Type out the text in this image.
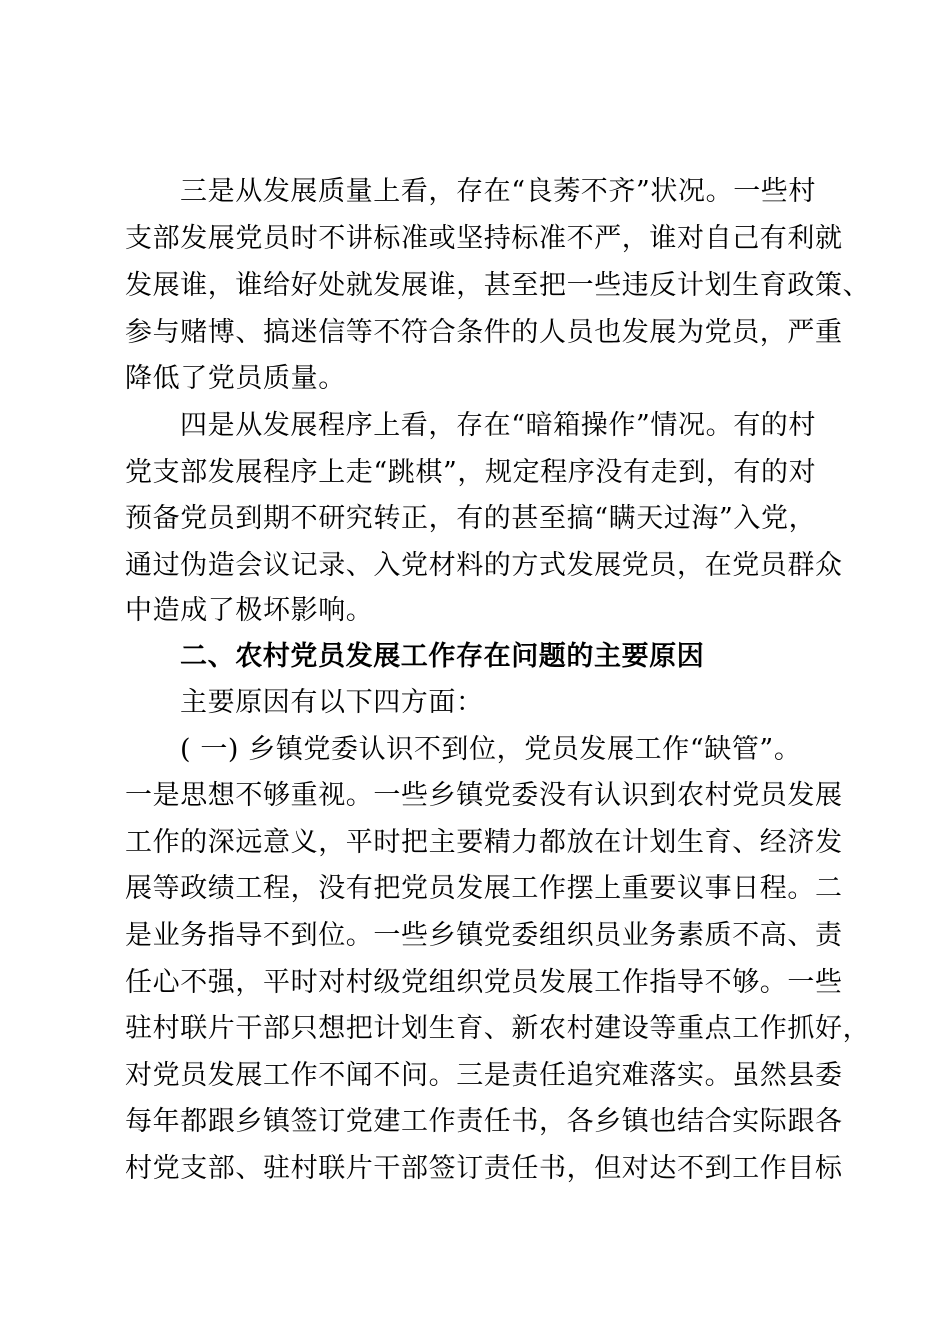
三是从发展质量上看，存在“良莠不齐”状况。一些村
支部发展党员时不讲标准或坚持标准不严，谁对自己有利就
发展谁，谁给好处就发展谁，甚至把一些违反计划生育政策、
参与赌博、搞迷信等不符合条件的人员也发展为党员，严重
降低了党员质量。
四是从发展程序上看，存在“暗箱操作”情况。有的村
党支部发展程序上走“跳棋”，规定程序没有走到，有的对
预备党员到期不研究转正，有的甚至搞“瞒天过海”入党，
通过伪造会议记录、入党材料的方式发展党员，在党员群众
中造成了极坏影响。
二、农村党员发展工作存在问题的主要原因
主要原因有以下四方面：
( 一) 乡镇党委认识不到位，党员发展工作“缺管”。
一是思想不够重视。一些乡镇党委没有认识到农村党员发展
工作的深远意义，平时把主要精力都放在计划生育、经济发
展等政绩工程，没有把党员发展工作摆上重要议事日程。二
是业务指导不到位。一些乡镇党委组织员业务素质不高、责
任心不强，平时对村级党组织党员发展工作指导不够。一些
驻村联片干部只想把计划生育、新农村建设等重点工作抓好，
对党员发展工作不闻不问。三是责任追究难落实。虽然县委
每年都跟乡镇签订党建工作责任书，各乡镇也结合实际跟各
村党支部、驻村联片干部签订责任书，但对达不到工作目标
